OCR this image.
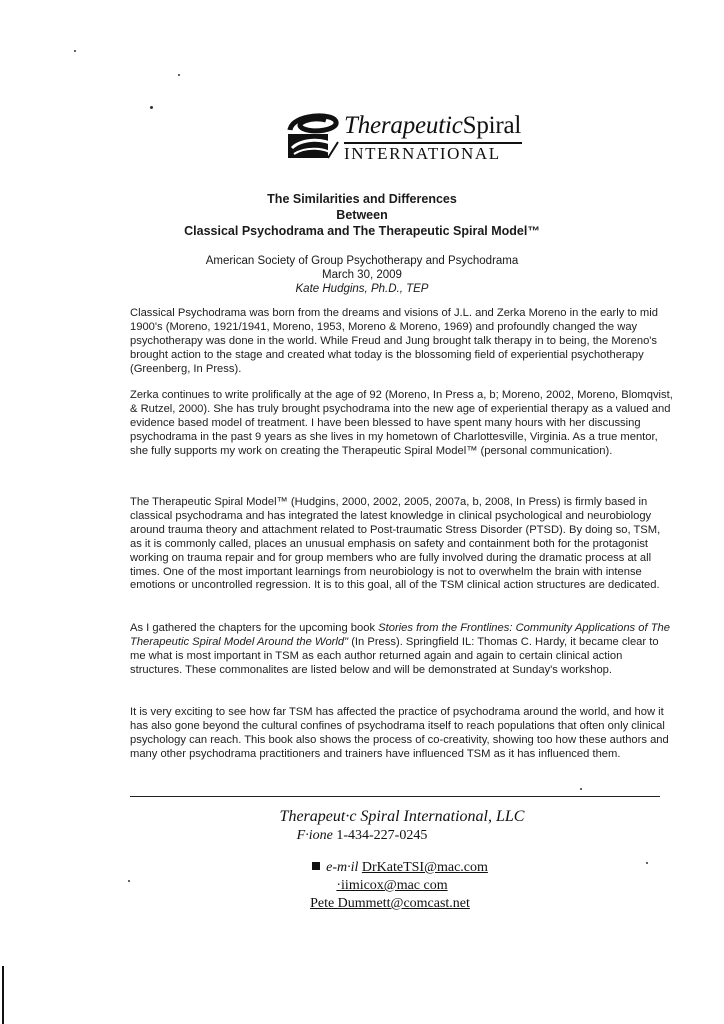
TherapeuticSpiral
INTERNATIONAL
The Similarities and Differences
Between
Classical Psychodrama and The Therapeutic Spiral Model™
American Society of Group Psychotherapy and Psychodrama
March 30, 2009
Kate Hudgins, Ph.D., TEP

Classical Psychodrama was born from the dreams and visions of J.L. and Zerka Moreno in the early to mid 1900's (Moreno, 1921/1941, Moreno, 1953, Moreno & Moreno, 1969) and profoundly changed the way psychotherapy was done in the world. While Freud and Jung brought talk therapy in to being, the Moreno's brought action to the stage and created what today is the blossoming field of experiential psychotherapy (Greenberg, In Press).

Zerka continues to write prolifically at the age of 92 (Moreno, In Press a, b; Moreno, 2002, Moreno, Blomqvist, & Rutzel, 2000). She has truly brought psychodrama into the new age of experiential therapy as a valued and evidence based model of treatment. I have been blessed to have spent many hours with her discussing psychodrama in the past 9 years as she lives in my hometown of Charlottesville, Virginia. As a true mentor, she fully supports my work on creating the Therapeutic Spiral Model™ (personal communication).

The Therapeutic Spiral Model™ (Hudgins, 2000, 2002, 2005, 2007a, b, 2008, In Press) is firmly based in classical psychodrama and has integrated the latest knowledge in clinical psychological and neurobiology around trauma theory and attachment related to Post-traumatic Stress Disorder (PTSD). By doing so, TSM, as it is commonly called, places an unusual emphasis on safety and containment both for the protagonist working on trauma repair and for group members who are fully involved during the dramatic process at all times. One of the most important learnings from neurobiology is not to overwhelm the brain with intense emotions or uncontrolled regression. It is to this goal, all of the TSM clinical action structures are dedicated.

As I gathered the chapters for the upcoming book Stories from the Frontlines: Community Applications of The Therapeutic Spiral Model Around the World" (In Press). Springfield IL: Thomas C. Hardy, it became clear to me what is most important in TSM as each author returned again and again to certain clinical action structures. These commonalites are listed below and will be demonstrated at Sunday's workshop.

It is very exciting to see how far TSM has affected the practice of psychodrama around the world, and how it has also gone beyond the cultural confines of psychodrama itself to reach populations that often only clinical psychology can reach. This book also shows the process of co-creativity, showing too how these authors and many other psychodrama practitioners and trainers have influenced TSM as it has influenced them.

Therapeut·c Spiral International, LLC
F·ione 1-434-227-0245
e-m·il DrKateTSI@mac.com
·iimicox@mac com
Pete Dummett@comcast.net
